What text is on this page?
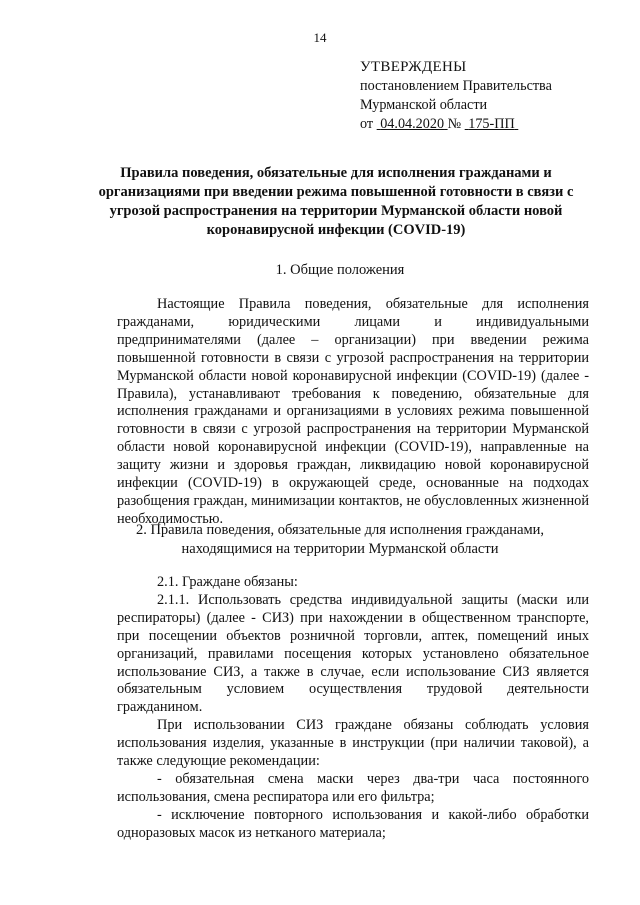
14
УТВЕРЖДЕНЫ
постановлением Правительства
Мурманской области
от 04.04.2020 № 175-ПП
Правила поведения, обязательные для исполнения гражданами и организациями при введении режима повышенной готовности в связи с угрозой распространения на территории Мурманской области новой коронавирусной инфекции (COVID-19)
1. Общие положения

Настоящие Правила поведения, обязательные для исполнения гражданами, юридическими лицами и индивидуальными предпринимателями (далее – организации) при введении режима повышенной готовности в связи с угрозой распространения на территории Мурманской области новой коронавирусной инфекции (COVID-19) (далее - Правила), устанавливают требования к поведению, обязательные для исполнения гражданами и организациями в условиях режима повышенной готовности в связи с угрозой распространения на территории Мурманской области новой коронавирусной инфекции (COVID-19), направленные на защиту жизни и здоровья граждан, ликвидацию новой коронавирусной инфекции (COVID-19) в окружающей среде, основанные на подходах разобщения граждан, минимизации контактов, не обусловленных жизненной необходимостью.

2. Правила поведения, обязательные для исполнения гражданами,
находящимися на территории Мурманской области

2.1. Граждане обязаны:

2.1.1. Использовать средства индивидуальной защиты (маски или респираторы) (далее - СИЗ) при нахождении в общественном транспорте, при посещении объектов розничной торговли, аптек, помещений иных организаций, правилами посещения которых установлено обязательное использование СИЗ, а также в случае, если использование СИЗ является обязательным условием осуществления трудовой деятельности гражданином.

При использовании СИЗ граждане обязаны соблюдать условия использования изделия, указанные в инструкции (при наличии таковой), а также следующие рекомендации:

- обязательная смена маски через два-три часа постоянного использования, смена респиратора или его фильтра;

- исключение повторного использования и какой-либо обработки одноразовых масок из нетканого материала;
